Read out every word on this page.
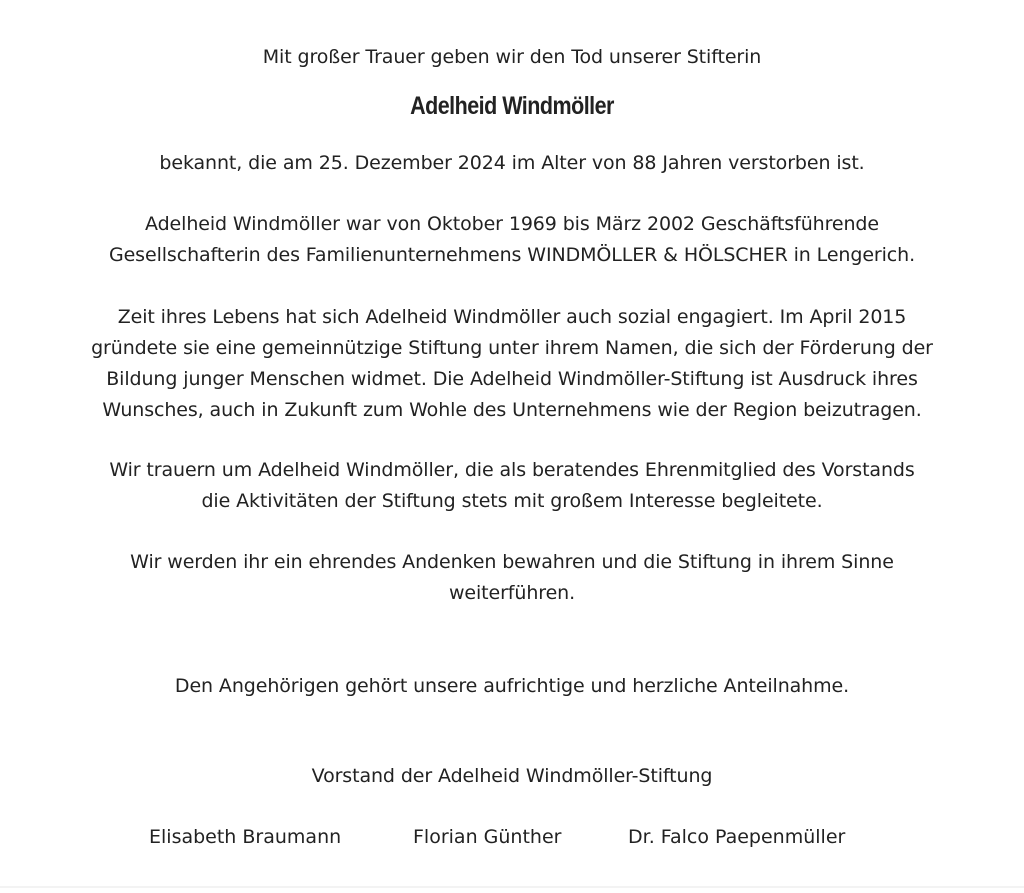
Mit großer Trauer geben wir den Tod unserer Stifterin
Adelheid Windmöller
bekannt, die am 25. Dezember 2024 im Alter von 88 Jahren verstorben ist.
Adelheid Windmöller war von Oktober 1969 bis März 2002 Geschäftsführende
Gesellschafterin des Familienunternehmens WINDMÖLLER & HÖLSCHER in Lengerich.
Zeit ihres Lebens hat sich Adelheid Windmöller auch sozial engagiert. Im April 2015
gründete sie eine gemeinnützige Stiftung unter ihrem Namen, die sich der Förderung der
Bildung junger Menschen widmet. Die Adelheid Windmöller-Stiftung ist Ausdruck ihres
Wunsches, auch in Zukunft zum Wohle des Unternehmens wie der Region beizutragen.
Wir trauern um Adelheid Windmöller, die als beratendes Ehrenmitglied des Vorstands
die Aktivitäten der Stiftung stets mit großem Interesse begleitete.
Wir werden ihr ein ehrendes Andenken bewahren und die Stiftung in ihrem Sinne
weiterführen.
Den Angehörigen gehört unsere aufrichtige und herzliche Anteilnahme.
Vorstand der Adelheid Windmöller-Stiftung
Elisabeth Braumann	Florian Günther	Dr. Falco Paepenmüller
